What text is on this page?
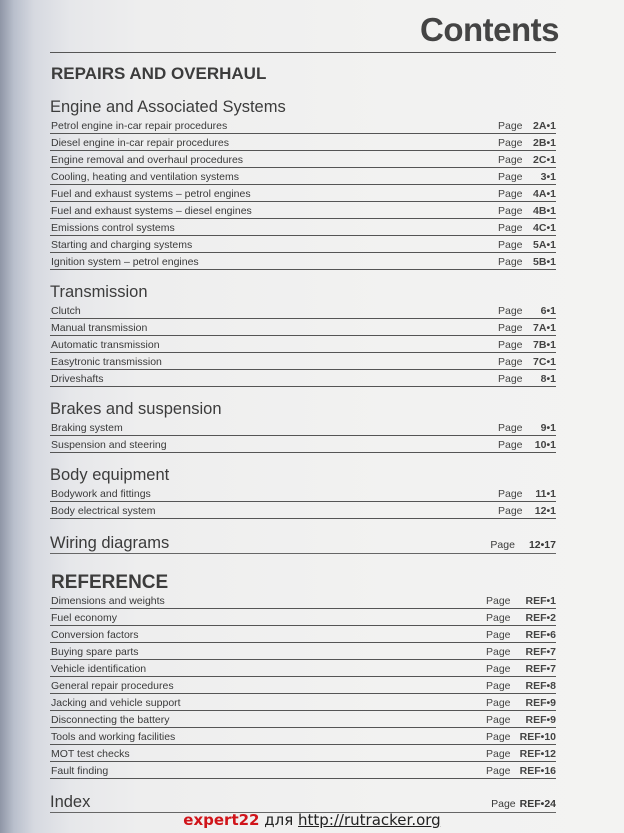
Contents
REPAIRS AND OVERHAUL
Engine and Associated Systems
Petrol engine in-car repair procedures	Page 2A•1
Diesel engine in-car repair procedures	Page 2B•1
Engine removal and overhaul procedures	Page 2C•1
Cooling, heating and ventilation systems	Page 3•1
Fuel and exhaust systems – petrol engines	Page 4A•1
Fuel and exhaust systems – diesel engines	Page 4B•1
Emissions control systems	Page 4C•1
Starting and charging systems	Page 5A•1
Ignition system – petrol engines	Page 5B•1
Transmission
Clutch	Page 6•1
Manual transmission	Page 7A•1
Automatic transmission	Page 7B•1
Easytronic transmission	Page 7C•1
Driveshafts	Page 8•1
Brakes and suspension
Braking system	Page 9•1
Suspension and steering	Page 10•1
Body equipment
Bodywork and fittings	Page 11•1
Body electrical system	Page 12•1
Wiring diagrams	Page 12•17
REFERENCE
Dimensions and weights	Page REF•1
Fuel economy	Page REF•2
Conversion factors	Page REF•6
Buying spare parts	Page REF•7
Vehicle identification	Page REF•7
General repair procedures	Page REF•8
Jacking and vehicle support	Page REF•9
Disconnecting the battery	Page REF•9
Tools and working facilities	Page REF•10
MOT test checks	Page REF•12
Fault finding	Page REF•16
Index	Page REF•24
expert22 для http://rutracker.org
